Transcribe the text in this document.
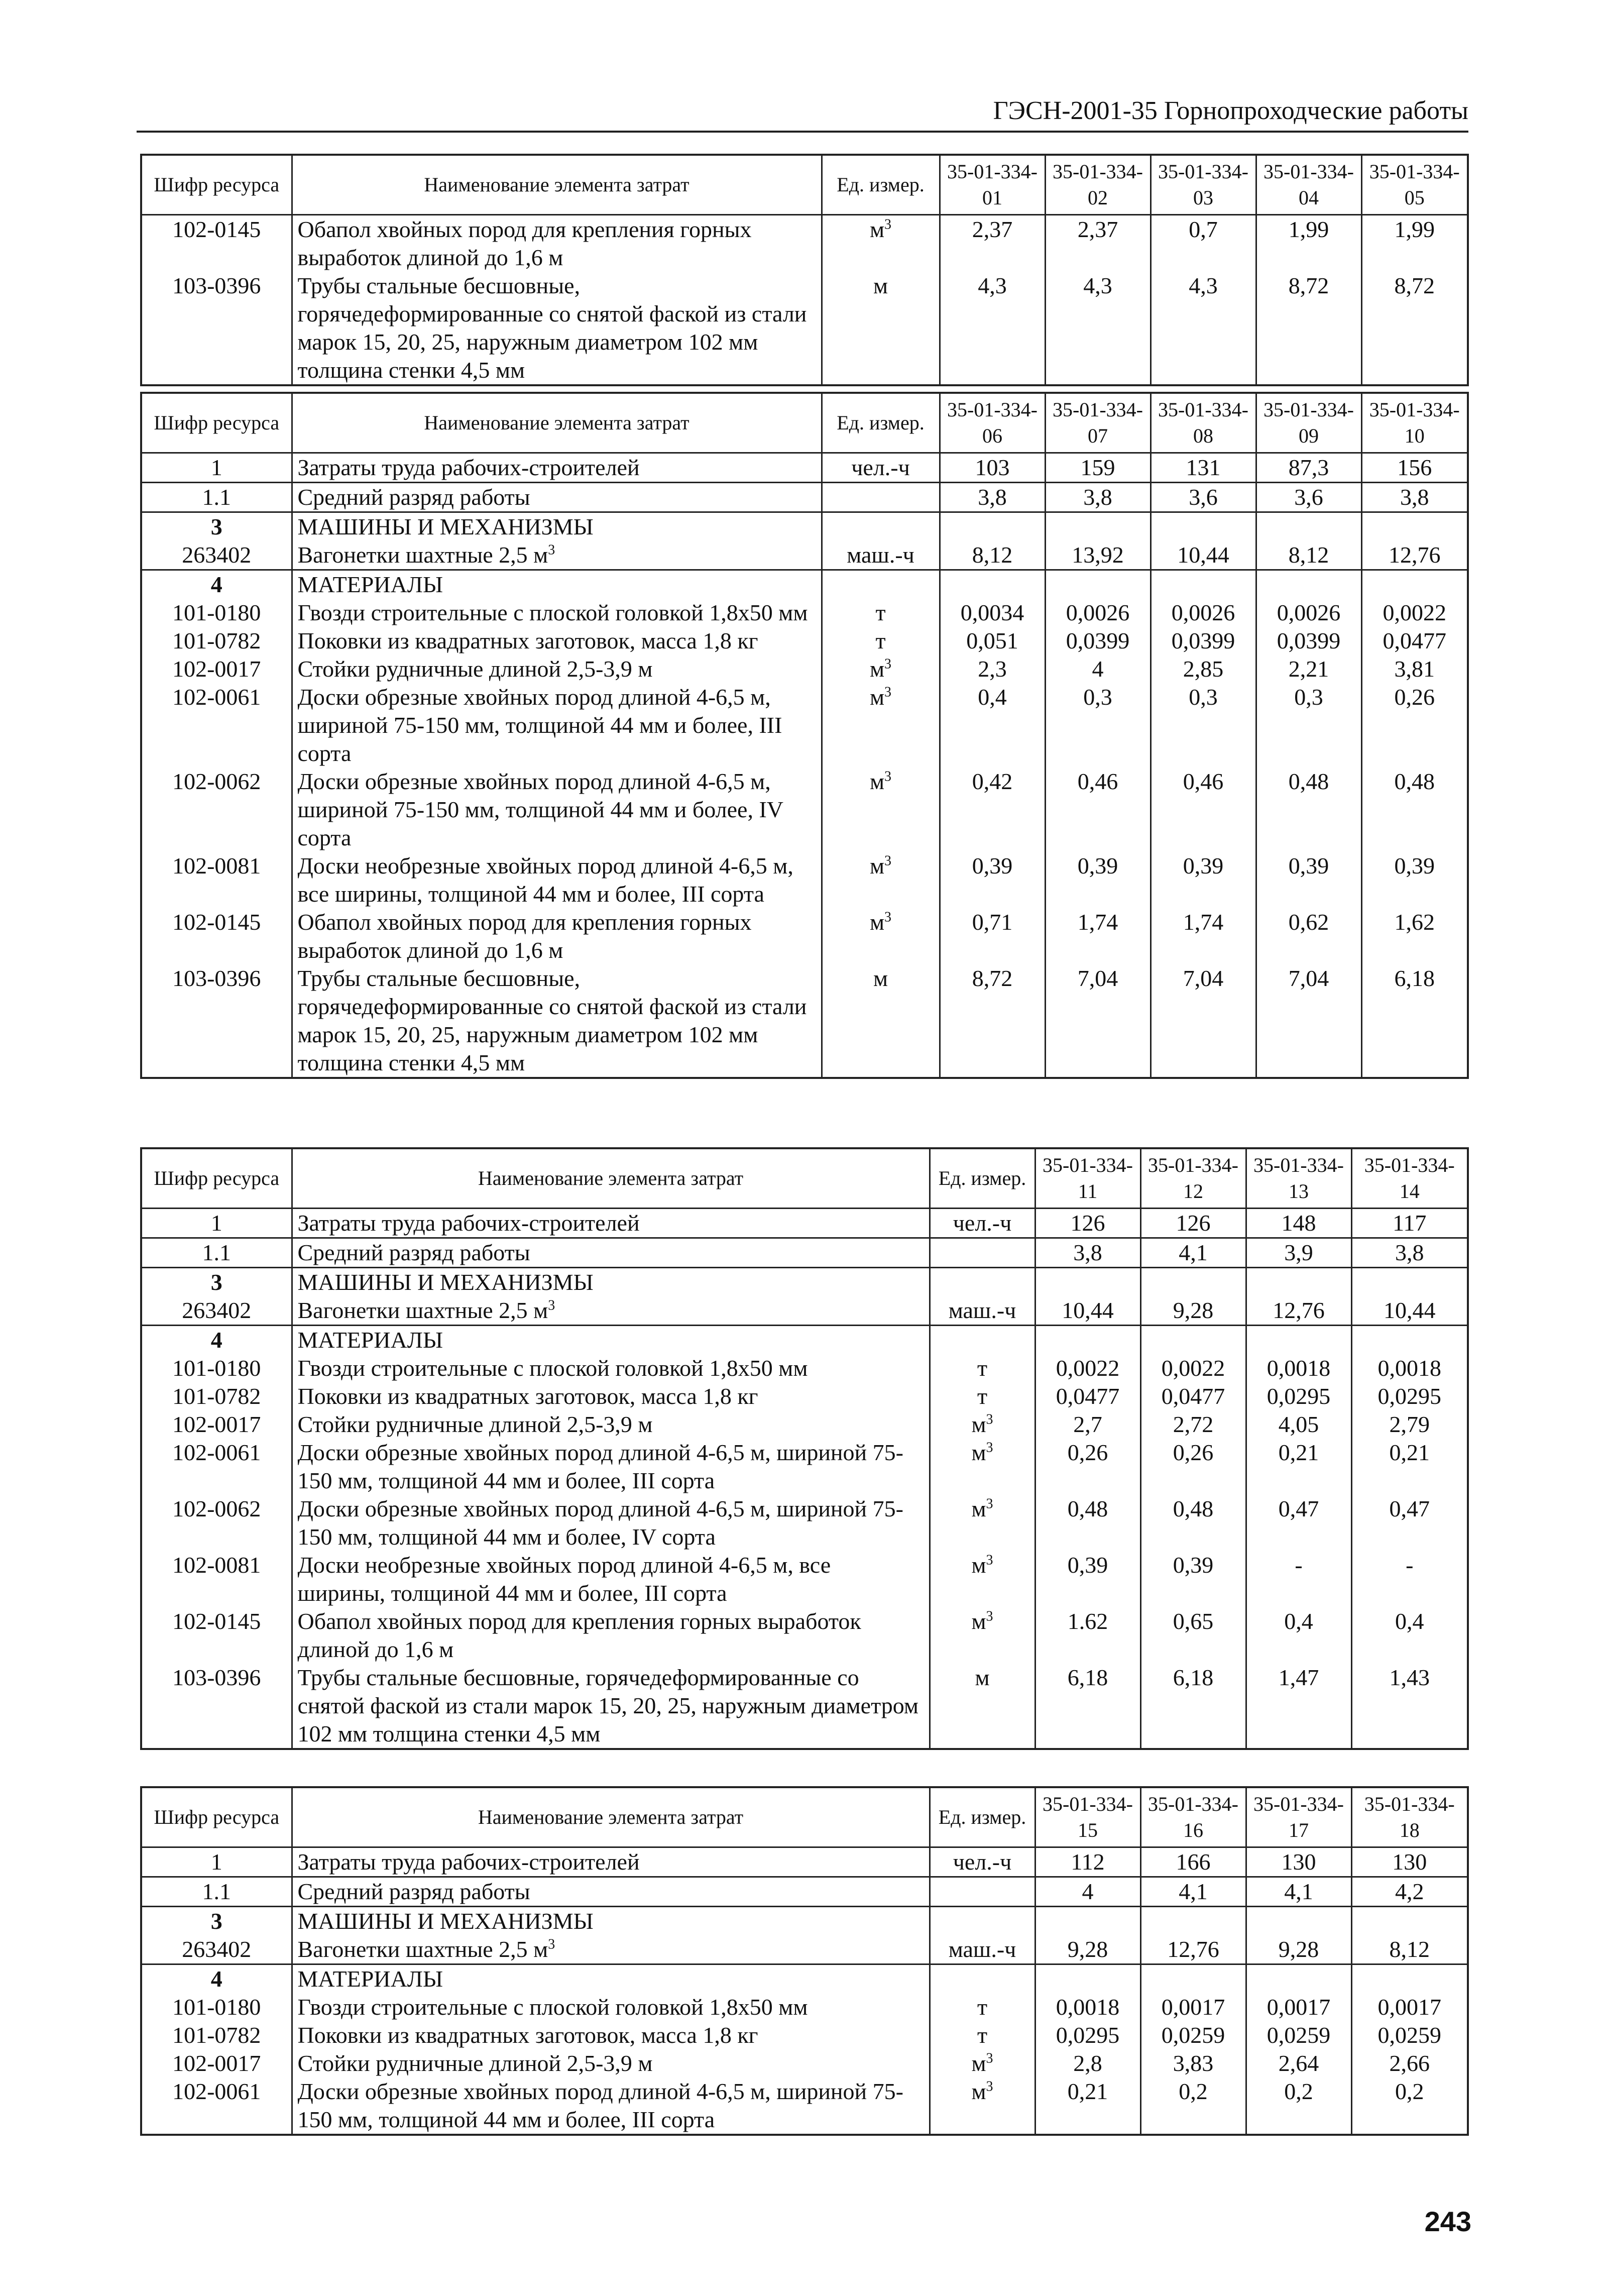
ГЭСН-2001-35 Горнопроходческие работы
Шифр ресурса	Наименование элемента затрат	Ед. измер.	35-01-334-01	35-01-334-02	35-01-334-03	35-01-334-04	35-01-334-05
102-0145	Обапол хвойных пород для крепления горных выработок длиной до 1,6 м	$м^3$	2,37	2,37	0,7	1,99	1,99
103-0396	Трубы стальные бесшовные, горячедеформированные со снятой фаской из стали марок 15, 20, 25, наружным диаметром 102 мм толщина стенки 4,5 мм	м	4,3	4,3	4,3	8,72	8,72
Шифр ресурса	Наименование элемента затрат	Ед. измер.	35-01-334-06	35-01-334-07	35-01-334-08	35-01-334-09	35-01-334-10
1	Затраты труда рабочих-строителей	чел.-ч	103	159	131	87,3	156
1.1	Средний разряд работы		3,8	3,8	3,6	3,6	3,8
3	МАШИНЫ И МЕХАНИЗМЫ						
263402	Вагонетки шахтные 2,5 $м^3$	маш.-ч	8,12	13,92	10,44	8,12	12,76
4	МАТЕРИАЛЫ						
101-0180	Гвозди строительные с плоской головкой 1,8х50 мм	т	0,0034	0,0026	0,0026	0,0026	0,0022
101-0782	Поковки из квадратных заготовок, масса 1,8 кг	т	0,051	0,0399	0,0399	0,0399	0,0477
102-0017	Стойки рудничные длиной 2,5-3,9 м	$м^3$	2,3	4	2,85	2,21	3,81
102-0061	Доски обрезные хвойных пород длиной 4-6,5 м, шириной 75-150 мм, толщиной 44 мм и более, III сорта	$м^3$	0,4	0,3	0,3	0,3	0,26
102-0062	Доски обрезные хвойных пород длиной 4-6,5 м, шириной 75-150 мм, толщиной 44 мм и более, IV сорта	$м^3$	0,42	0,46	0,46	0,48	0,48
102-0081	Доски необрезные хвойных пород длиной 4-6,5 м, все ширины, толщиной 44 мм и более, III сорта	$м^3$	0,39	0,39	0,39	0,39	0,39
102-0145	Обапол хвойных пород для крепления горных выработок длиной до 1,6 м	$м^3$	0,71	1,74	1,74	0,62	1,62
103-0396	Трубы стальные бесшовные, горячедеформированные со снятой фаской из стали марок 15, 20, 25, наружным диаметром 102 мм толщина стенки 4,5 мм	м	8,72	7,04	7,04	7,04	6,18
Шифр ресурса	Наименование элемента затрат	Ед. измер.	35-01-334-11	35-01-334-12	35-01-334-13	35-01-334-14
1	Затраты труда рабочих-строителей	чел.-ч	126	126	148	117
1.1	Средний разряд работы		3,8	4,1	3,9	3,8
3	МАШИНЫ И МЕХАНИЗМЫ					
263402	Вагонетки шахтные 2,5 $м^3$	маш.-ч	10,44	9,28	12,76	10,44
4	МАТЕРИАЛЫ					
101-0180	Гвозди строительные с плоской головкой 1,8х50 мм	т	0,0022	0,0022	0,0018	0,0018
101-0782	Поковки из квадратных заготовок, масса 1,8 кг	т	0,0477	0,0477	0,0295	0,0295
102-0017	Стойки рудничные длиной 2,5-3,9 м	$м^3$	2,7	2,72	4,05	2,79
102-0061	Доски обрезные хвойных пород длиной 4-6,5 м, шириной 75-150 мм, толщиной 44 мм и более, III сорта	$м^3$	0,26	0,26	0,21	0,21
102-0062	Доски обрезные хвойных пород длиной 4-6,5 м, шириной 75-150 мм, толщиной 44 мм и более, IV сорта	$м^3$	0,48	0,48	0,47	0,47
102-0081	Доски необрезные хвойных пород длиной 4-6,5 м, все ширины, толщиной 44 мм и более, III сорта	$м^3$	0,39	0,39	-	-
102-0145	Обапол хвойных пород для крепления горных выработок длиной до 1,6 м	$м^3$	1.62	0,65	0,4	0,4
103-0396	Трубы стальные бесшовные, горячедеформированные со снятой фаской из стали марок 15, 20, 25, наружным диаметром 102 мм толщина стенки 4,5 мм	м	6,18	6,18	1,47	1,43
Шифр ресурса	Наименование элемента затрат	Ед. измер.	35-01-334-15	35-01-334-16	35-01-334-17	35-01-334-18
1	Затраты труда рабочих-строителей	чел.-ч	112	166	130	130
1.1	Средний разряд работы		4	4,1	4,1	4,2
3	МАШИНЫ И МЕХАНИЗМЫ					
263402	Вагонетки шахтные 2,5 $м^3$	маш.-ч	9,28	12,76	9,28	8,12
4	МАТЕРИАЛЫ					
101-0180	Гвозди строительные с плоской головкой 1,8х50 мм	т	0,0018	0,0017	0,0017	0,0017
101-0782	Поковки из квадратных заготовок, масса 1,8 кг	т	0,0295	0,0259	0,0259	0,0259
102-0017	Стойки рудничные длиной 2,5-3,9 м	$м^3$	2,8	3,83	2,64	2,66
102-0061	Доски обрезные хвойных пород длиной 4-6,5 м, шириной 75-150 мм, толщиной 44 мм и более, III сорта	$м^3$	0,21	0,2	0,2	0,2
243
